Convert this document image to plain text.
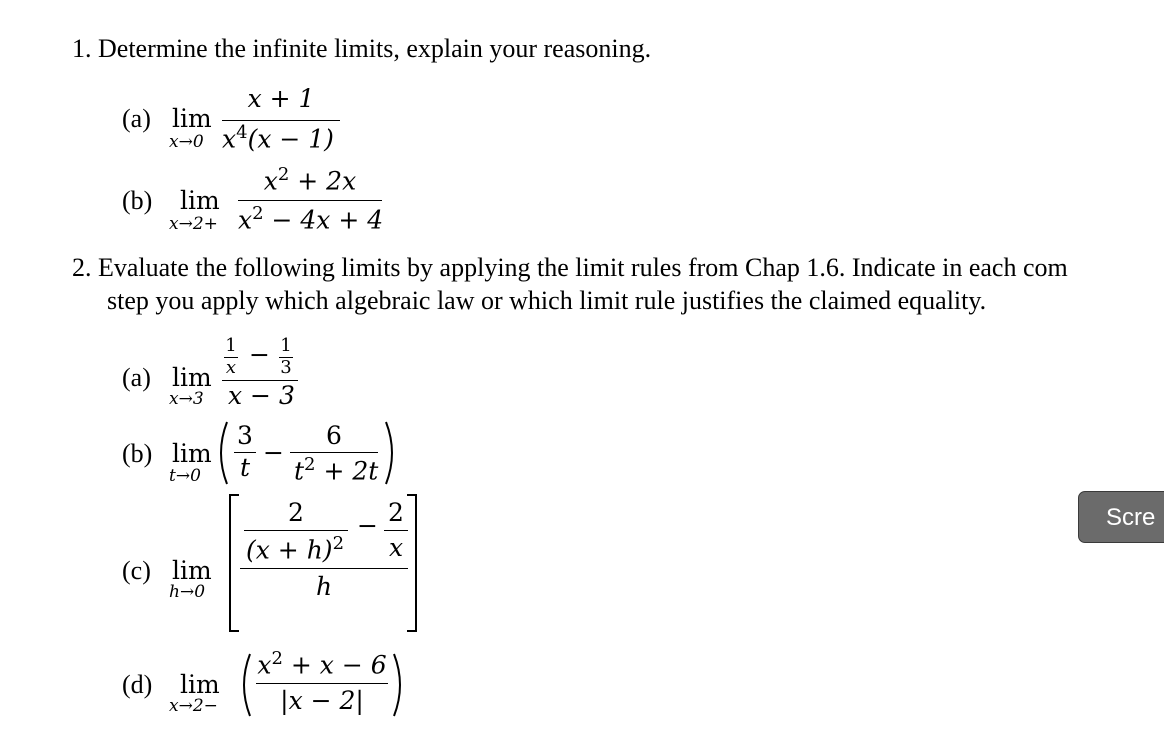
1. Determine the infinite limits, explain your reasoning.
(a) lim
x→0
x + 1
$x^4(x - 1)$
(b) lim
x→2+
$x^2 + 2x$
$x^2 - 4x + 4$
2. Evaluate the following limits by applying the limit rules from Chap 1.6. Indicate in each com
step you apply which algebraic law or which limit rule justifies the claimed equality.
(a) lim
x→3
1
x − 1
3
x − 3
(b) lim
t→0
3
t
−
6
$t^2 + 2t$
(c) lim
h→0
2
$(x + h)^2$
− 2
x
h
(d) lim
x→2−
$x^2 + x - 6$
|x − 2|
Scre
